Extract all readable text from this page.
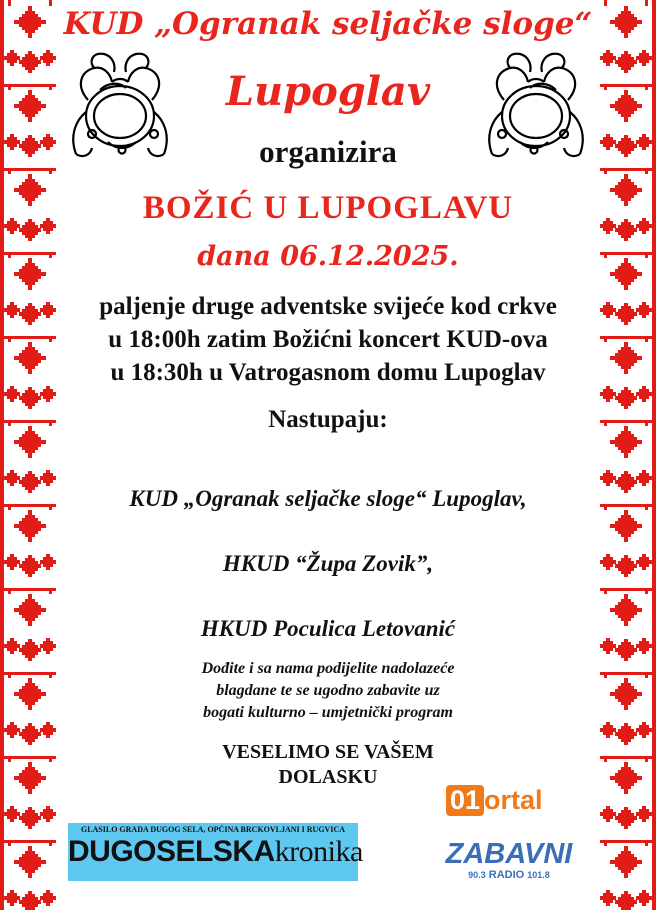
KUD „Ogranak seljačke sloge“
Lupoglav
organizira
BOŽIĆ U LUPOGLAVU
dana 06.12.2025.
paljenje druge adventske svijeće kod crkve
u 18:00h zatim Božićni koncert KUD-ova
u 18:30h u Vatrogasnom domu Lupoglav
Nastupaju:
KUD „Ogranak seljačke sloge“ Lupoglav,
HKUD “Župa Zovik”,
HKUD Poculica Letovanić
Dođite i sa nama podijelite nadolazeće
blagdane te se ugodno zabavite uz
bogati kulturno – umjetnički program
VESELIMO SE VAŠEM
DOLASKU
GLASILO GRADA DUGOG SELA, OPĆINA BRCKOVLJANI I RUGVICA
DUGOSELSKAkronika
01 ortal
ZABAVNI
90.3 RADIO 101.8
